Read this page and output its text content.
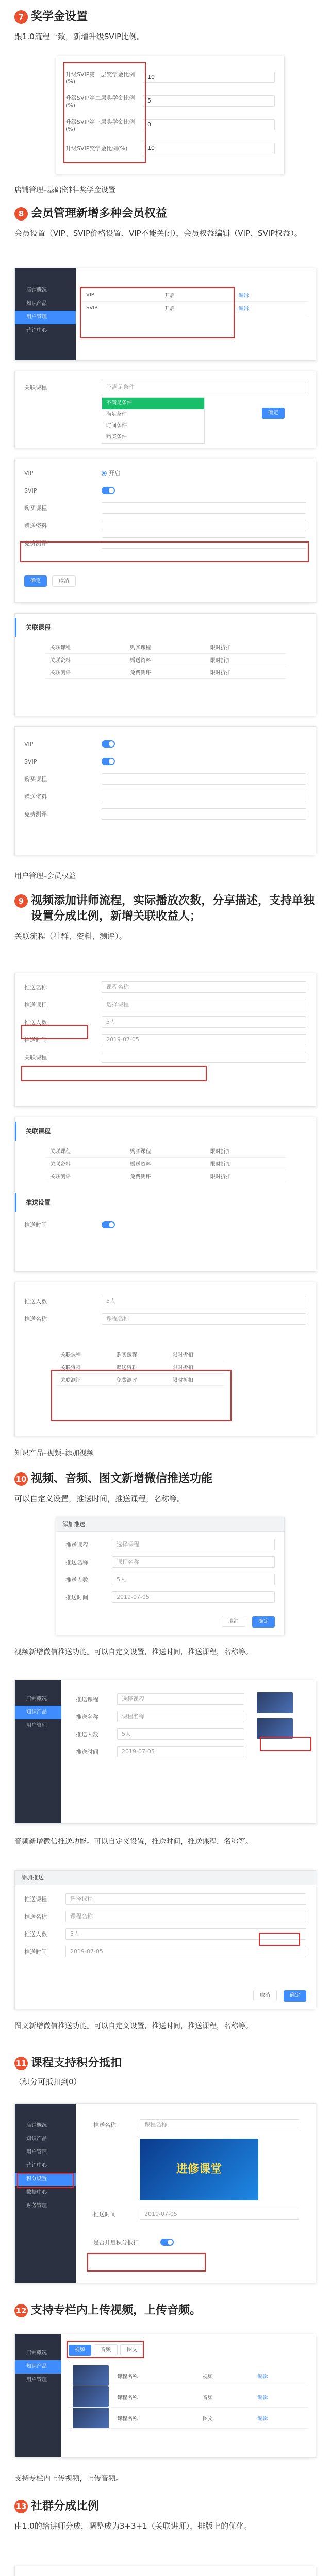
7 奖学金设置
跟1.0流程一致，新增升级SVIP比例。
升级SVIP第一层奖学金比例(%)
10
升级SVIP第二层奖学金比例(%)
5
升级SVIP第三层奖学金比例(%)
0
升级SVIP奖学金比例(%)	10
店铺管理–基础资料–奖学金设置
8 会员管理新增多种会员权益
会员设置（VIP、SVIP价格设置、VIP不能关闭），会员权益编辑（VIP、SVIP权益）。
店铺概况
知识产品
用户管理
营销中心
VIP	开启	编辑
SVIP	开启	编辑
关联课程	不满足条件
不满足条件
满足条件
时间条件
购买条件
确定
VIP	开启
SVIP
购买课程
赠送资料
免费测评
确定	取消
关联课程
关联课程	购买课程	限时折扣
关联资料	赠送资料	限时折扣
关联测评	免费测评	限时折扣
VIP
SVIP
购买课程
赠送资料
免费测评
用户管理–会员权益
9 视频添加讲师流程，实际播放次数，分享描述，支持单独设置分成比例，新增关联收益人；
关联流程（社群、资料、测评）。
推送名称	课程名称
推送课程	选择课程
推送人数	5人
推送时间	2019-07-05
关联课程
关联课程
关联课程	购买课程	限时折扣
关联资料	赠送资料	限时折扣
关联测评	免费测评	限时折扣
推送设置
推送时间
推送人数	5人
推送名称	课程名称
关联课程	购买课程	限时折扣
关联资料	赠送资料	限时折扣
关联测评	免费测评	限时折扣
知识产品–视频–添加视频
10 视频、音频、图文新增微信推送功能
可以自定义设置，推送时间，推送课程，名称等。
添加推送
推送课程	选择课程
推送名称	课程名称
推送人数	5人
推送时间	2019-07-05
取消	确定
视频新增微信推送功能。可以自定义设置，推送时间，推送课程，名称等。
店铺概况
知识产品
用户管理
推送课程	选择课程
推送名称	课程名称
推送人数	5人
推送时间	2019-07-05
音频新增微信推送功能。可以自定义设置，推送时间，推送课程，名称等。
添加推送
推送课程	选择课程
推送名称	课程名称
推送人数	5人
推送时间	2019-07-05
取消	确定
图文新增微信推送功能。可以自定义设置，推送时间，推送课程，名称等。
11 课程支持积分抵扣
（积分可抵扣到0）
店铺概况
知识产品
用户管理
营销中心
积分设置
数据中心
财务管理
推送名称	课程名称
进修课堂
推送时间	2019-07-05
是否开启积分抵扣
12 支持专栏内上传视频，上传音频。
店铺概况
知识产品
用户管理
视频	音频	图文
	课程名称	视频	编辑

	课程名称	音频	编辑

	课程名称	图文	编辑
支持专栏内上传视频，上传音频。
13 社群分成比例
由1.0的给讲师分成，调整成为3+3+1（关联讲师），排版上的优化。
